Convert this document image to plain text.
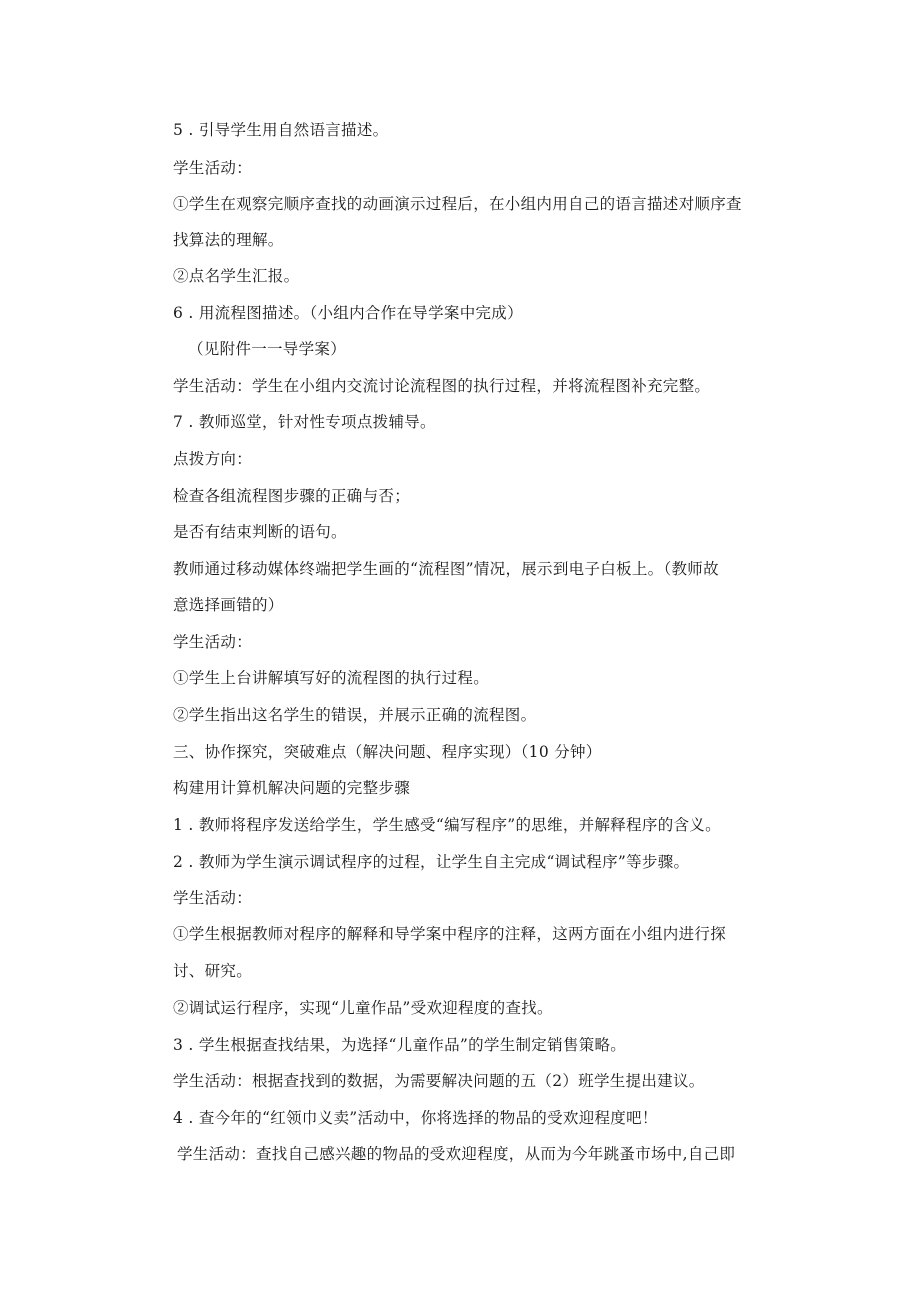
5 . 引导学生用自然语言描述。
学生活动：
①学生在观察完顺序查找的动画演示过程后，在小组内用自己的语言描述对顺序查
找算法的理解。
②点名学生汇报。
6 . 用流程图描述。（小组内合作在导学案中完成）
（见附件一一导学案）
学生活动：学生在小组内交流讨论流程图的执行过程，并将流程图补充完整。
7 . 教师巡堂，针对性专项点拨辅导。
点拨方向：
检查各组流程图步骤的正确与否；
是否有结束判断的语句。
教师通过移动媒体终端把学生画的“流程图”情况，展示到电子白板上。（教师故
意选择画错的）
学生活动：
①学生上台讲解填写好的流程图的执行过程。
②学生指出这名学生的错误，并展示正确的流程图。
三、协作探究，突破难点（解决问题、程序实现）（10 分钟）
构建用计算机解决问题的完整步骤
1 . 教师将程序发送给学生，学生感受“编写程序”的思维，并解释程序的含义。
2 . 教师为学生演示调试程序的过程，让学生自主完成“调试程序”等步骤。
学生活动：
①学生根据教师对程序的解释和导学案中程序的注释，这两方面在小组内进行探
讨、研究。
②调试运行程序，实现“儿童作品”受欢迎程度的查找。
3 . 学生根据查找结果，为选择“儿童作品”的学生制定销售策略。
学生活动：根据查找到的数据，为需要解决问题的五（2）班学生提出建议。
4 . 查今年的“红领巾义卖”活动中，你将选择的物品的受欢迎程度吧！
学生活动：查找自己感兴趣的物品的受欢迎程度，从而为今年跳蚤市场中,自己即
